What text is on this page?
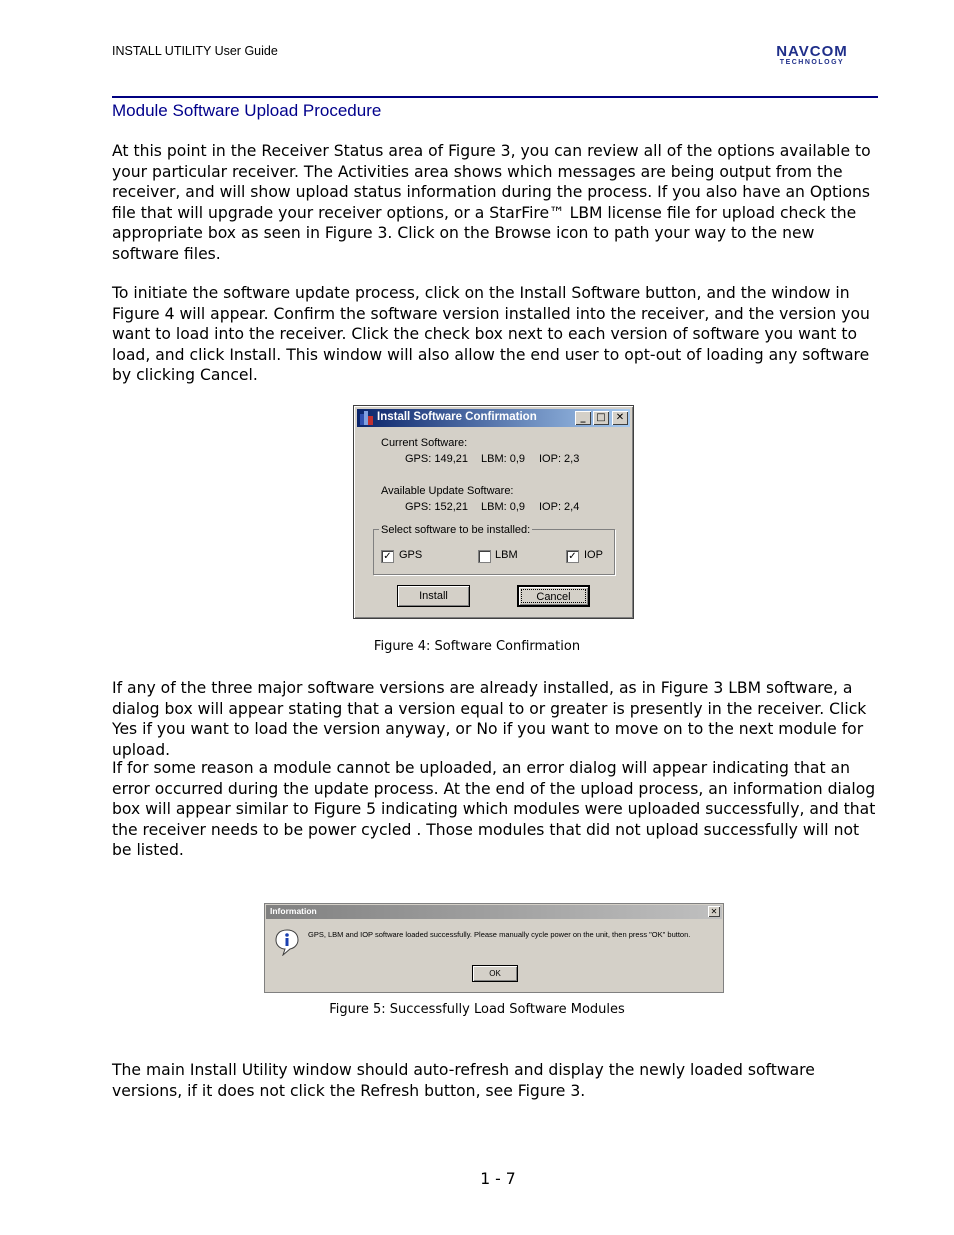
INSTALL UTILITY User Guide	NAVCOM
TECHNOLOGY
Module Software Upload Procedure

At this point in the Receiver Status area of Figure 3, you can review all of the options available to your particular receiver. The Activities area shows which messages are being output from the receiver, and will show upload status information during the process. If you also have an Options file that will upgrade your receiver options, or a StarFire™ LBM license file for upload check the appropriate box as seen in Figure 3. Click on the Browse icon to path your way to the new software files.

To initiate the software update process, click on the Install Software button, and the window in Figure 4 will appear. Confirm the software version installed into the receiver, and the version you want to load into the receiver. Click the check box next to each version of software you want to load, and click Install. This window will also allow the end user to opt-out of loading any software by clicking Cancel.

Install Software Confirmation	_	□	✕
Current Software:
GPS: 149,21 LBM: 0,9 IOP: 2,3
Available Update Software:
GPS: 152,21 LBM: 0,9 IOP: 2,4
Select software to be installed:
✓ GPS	LBM	✓ IOP
Install	Cancel
Figure 4: Software Confirmation

If any of the three major software versions are already installed, as in Figure 3 LBM software, a dialog box will appear stating that a version equal to or greater is presently in the receiver. Click Yes if you want to load the version anyway, or No if you want to move on to the next module for upload.

If for some reason a module cannot be uploaded, an error dialog will appear indicating that an error occurred during the update process. At the end of the upload process, an information dialog box will appear similar to Figure 5 indicating which modules were uploaded successfully, and that the receiver needs to be power cycled . Those modules that did not upload successfully will not be listed.

Information	✕
GPS, LBM and IOP software loaded successfully. Please manually cycle power on the unit, then press "OK" button.
OK
Figure 5: Successfully Load Software Modules

The main Install Utility window should auto-refresh and display the newly loaded software versions, if it does not click the Refresh button, see Figure 3.

1 - 7
